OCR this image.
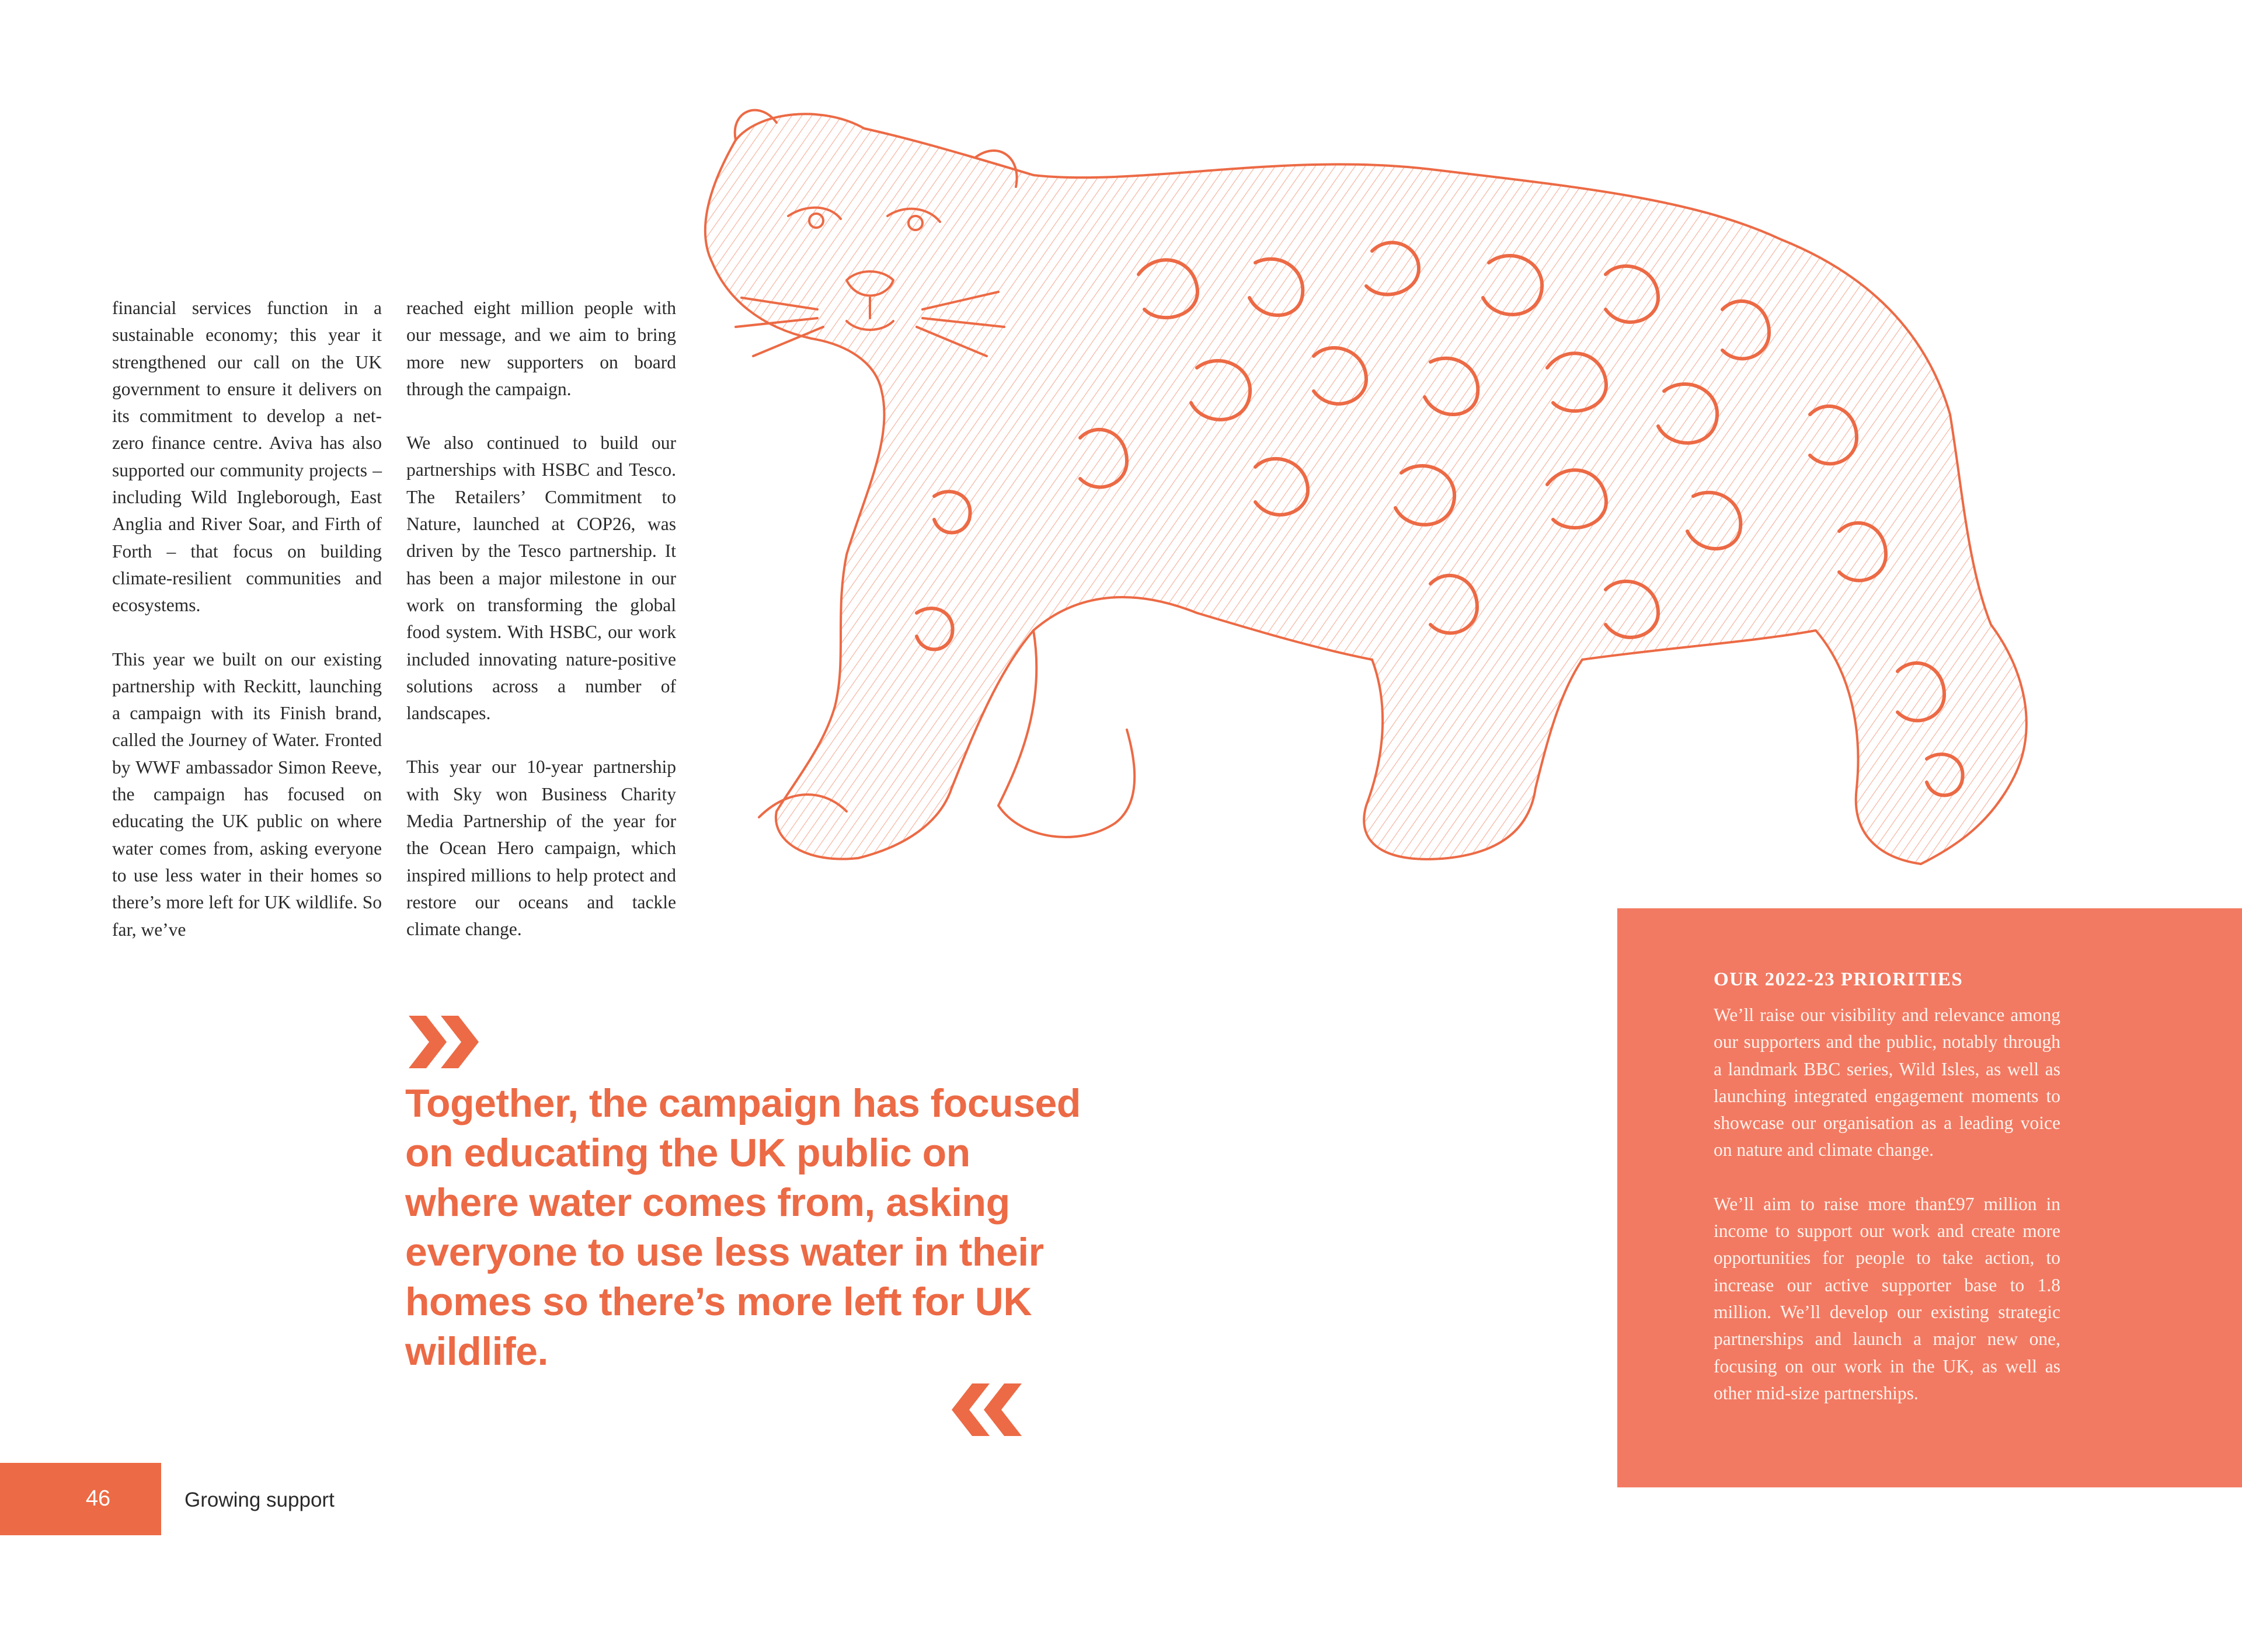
financial services function in a sustainable economy; this year it strengthened our call on the UK government to ensure it delivers on its commitment to develop a net-zero finance centre. Aviva has also supported our community projects – including Wild Ingleborough, East Anglia and River Soar, and Firth of Forth – that focus on building climate-resilient communities and ecosystems.

This year we built on our existing partnership with Reckitt, launching a campaign with its Finish brand, called the Journey of Water. Fronted by WWF ambassador Simon Reeve, the campaign has focused on educating the UK public on where water comes from, asking everyone to use less water in their homes so there’s more left for UK wildlife. So far, we’ve

reached eight million people with our message, and we aim to bring more new supporters on board through the campaign.

We also continued to build our partnerships with HSBC and Tesco. The Retailers’ Commitment to Nature, launched at COP26, was driven by the Tesco partnership. It has been a major milestone in our work on transforming the global food system. With HSBC, our work included innovating nature-positive solutions across a number of landscapes.

This year our 10-year partnership with Sky won Business Charity Media Partnership of the year for the Ocean Hero campaign, which inspired millions to help protect and restore our oceans and tackle climate change.

Together, the campaign has focused on educating the UK public on where water comes from, asking everyone to use less water in their homes so there’s more left for UK wildlife.

OUR 2022-23 PRIORITIES

We’ll raise our visibility and relevance among our supporters and the public, notably through a landmark BBC series, Wild Isles, as well as launching integrated engagement moments to showcase our organisation as a leading voice on nature and climate change.

We’ll aim to raise more than£97 million in income to support our work and create more opportunities for people to take action, to increase our active supporter base to 1.8 million. We’ll develop our existing strategic partnerships and launch a major new one, focusing on our work in the UK, as well as other mid-size partnerships.

46	Growing support
